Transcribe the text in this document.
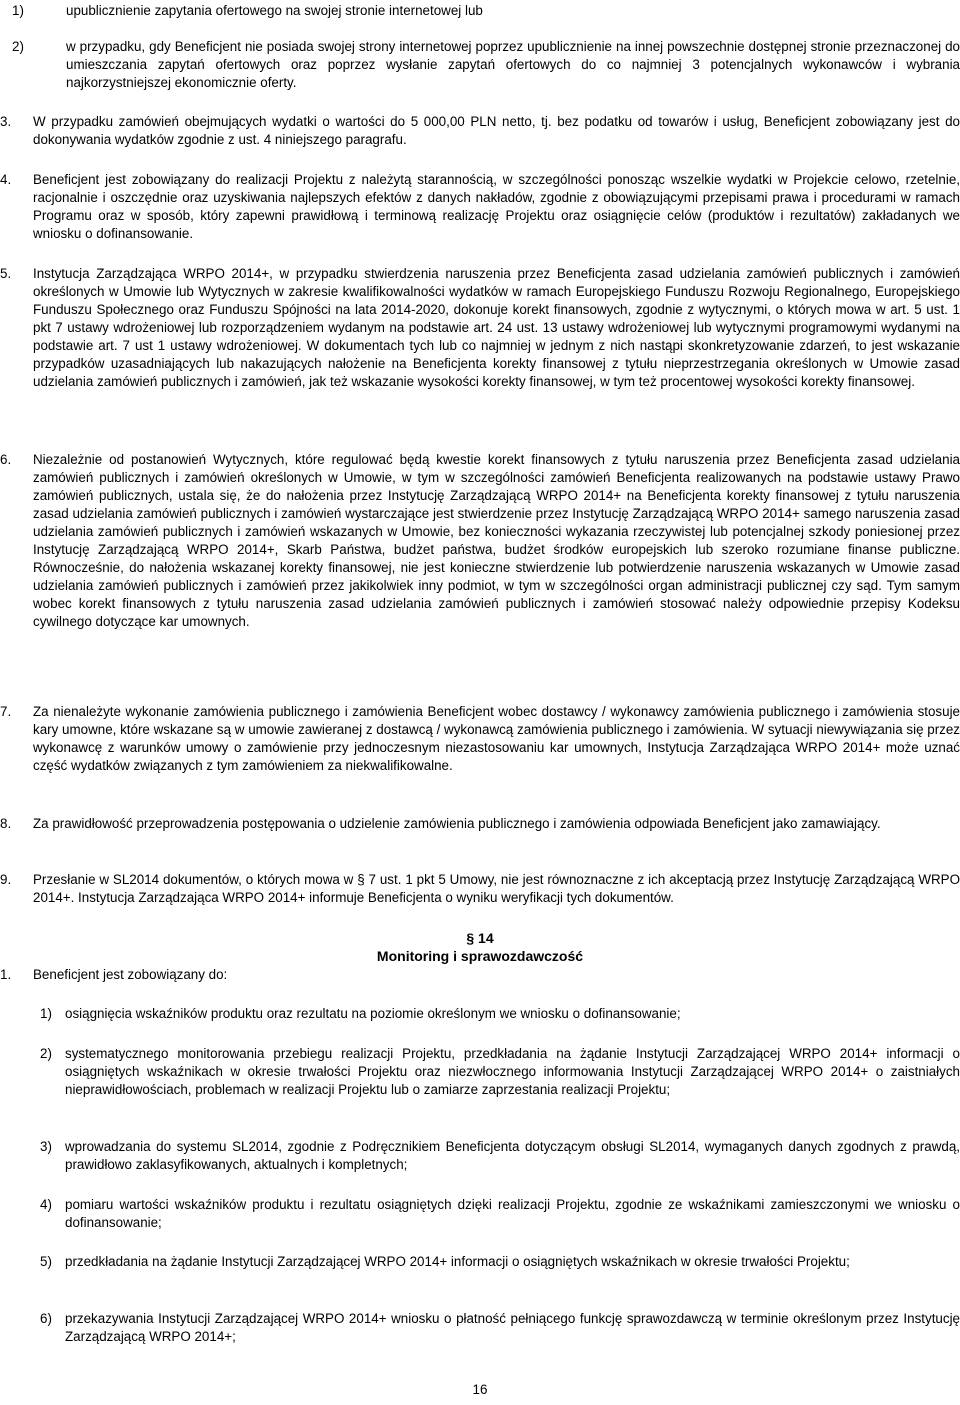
1)	upublicznienie zapytania ofertowego na swojej stronie internetowej lub
2)	w przypadku, gdy Beneficjent nie posiada swojej strony internetowej poprzez upublicznienie na innej powszechnie dostępnej stronie przeznaczonej do umieszczania zapytań ofertowych oraz poprzez wysłanie zapytań ofertowych do co najmniej 3 potencjalnych wykonawców i wybrania najkorzystniejszej ekonomicznie oferty.
3. W przypadku zamówień obejmujących wydatki o wartości do 5 000,00 PLN netto, tj. bez podatku od towarów i usług, Beneficjent zobowiązany jest do dokonywania wydatków zgodnie z ust. 4 niniejszego paragrafu.
4. Beneficjent jest zobowiązany do realizacji Projektu z należytą starannością, w szczególności ponosząc wszelkie wydatki w Projekcie celowo, rzetelnie, racjonalnie i oszczędnie oraz uzyskiwania najlepszych efektów z danych nakładów, zgodnie z obowiązującymi przepisami prawa i procedurami w ramach Programu oraz w sposób, który zapewni prawidłową i terminową realizację Projektu oraz osiągnięcie celów (produktów i rezultatów) zakładanych we wniosku o dofinansowanie.
5. Instytucja Zarządzająca WRPO 2014+, w przypadku stwierdzenia naruszenia przez Beneficjenta zasad udzielania zamówień publicznych i zamówień określonych w Umowie lub Wytycznych w zakresie kwalifikowalności wydatków w ramach Europejskiego Funduszu Rozwoju Regionalnego, Europejskiego Funduszu Społecznego oraz Funduszu Spójności na lata 2014-2020, dokonuje korekt finansowych, zgodnie z wytycznymi, o których mowa w art. 5 ust. 1 pkt 7 ustawy wdrożeniowej lub rozporządzeniem wydanym na podstawie art. 24 ust. 13 ustawy wdrożeniowej lub wytycznymi programowymi wydanymi na podstawie art. 7 ust 1 ustawy wdrożeniowej. W dokumentach tych lub co najmniej w jednym z nich nastąpi skonkretyzowanie zdarzeń, to jest wskazanie przypadków uzasadniających lub nakazujących nałożenie na Beneficjenta korekty finansowej z tytułu nieprzestrzegania określonych w Umowie zasad udzielania zamówień publicznych i zamówień, jak też wskazanie wysokości korekty finansowej, w tym też procentowej wysokości korekty finansowej.
6. Niezależnie od postanowień Wytycznych, które regulować będą kwestie korekt finansowych z tytułu naruszenia przez Beneficjenta zasad udzielania zamówień publicznych i zamówień określonych w Umowie, w tym w szczególności zamówień Beneficjenta realizowanych na podstawie ustawy Prawo zamówień publicznych, ustala się, że do nałożenia przez Instytucję Zarządzającą WRPO 2014+ na Beneficjenta korekty finansowej z tytułu naruszenia zasad udzielania zamówień publicznych i zamówień wystarczające jest stwierdzenie przez Instytucję Zarządzającą WRPO 2014+ samego naruszenia zasad udzielania zamówień publicznych i zamówień wskazanych w Umowie, bez konieczności wykazania rzeczywistej lub potencjalnej szkody poniesionej przez Instytucję Zarządzającą WRPO 2014+, Skarb Państwa, budżet państwa, budżet środków europejskich lub szeroko rozumiane finanse publiczne. Równocześnie, do nałożenia wskazanej korekty finansowej, nie jest konieczne stwierdzenie lub potwierdzenie naruszenia wskazanych w Umowie zasad udzielania zamówień publicznych i zamówień przez jakikolwiek inny podmiot, w tym w szczególności organ administracji publicznej czy sąd. Tym samym wobec korekt finansowych z tytułu naruszenia zasad udzielania zamówień publicznych i zamówień stosować należy odpowiednie przepisy Kodeksu cywilnego dotyczące kar umownych.
7. Za nienależyte wykonanie zamówienia publicznego i zamówienia Beneficjent wobec dostawcy / wykonawcy zamówienia publicznego i zamówienia stosuje kary umowne, które wskazane są w umowie zawieranej z dostawcą / wykonawcą zamówienia publicznego i zamówienia. W sytuacji niewywiązania się przez wykonawcę z warunków umowy o zamówienie przy jednoczesnym niezastosowaniu kar umownych, Instytucja Zarządzająca WRPO 2014+ może uznać część wydatków związanych z tym zamówieniem za niekwalifikowalne.
8. Za prawidłowość przeprowadzenia postępowania o udzielenie zamówienia publicznego i zamówienia odpowiada Beneficjent jako zamawiający.
9. Przesłanie w SL2014 dokumentów, o których mowa w § 7 ust. 1 pkt 5 Umowy, nie jest równoznaczne z ich akceptacją przez Instytucję Zarządzającą WRPO 2014+. Instytucja Zarządzająca WRPO 2014+ informuje Beneficjenta o wyniku weryfikacji tych dokumentów.
§ 14
Monitoring i sprawozdawczość
1. Beneficjent jest zobowiązany do:
1) osiągnięcia wskaźników produktu oraz rezultatu na poziomie określonym we wniosku o dofinansowanie;
2) systematycznego monitorowania przebiegu realizacji Projektu, przedkładania na żądanie Instytucji Zarządzającej WRPO 2014+ informacji o osiągniętych wskaźnikach w okresie trwałości Projektu oraz niezwłocznego informowania Instytucji Zarządzającej WRPO 2014+ o zaistniałych nieprawidłowościach, problemach w realizacji Projektu lub o zamiarze zaprzestania realizacji Projektu;
3) wprowadzania do systemu SL2014, zgodnie z Podręcznikiem Beneficjenta dotyczącym obsługi SL2014, wymaganych danych zgodnych z prawdą, prawidłowo zaklasyfikowanych, aktualnych i kompletnych;
4) pomiaru wartości wskaźników produktu i rezultatu osiągniętych dzięki realizacji Projektu, zgodnie ze wskaźnikami zamieszczonymi we wniosku o dofinansowanie;
5) przedkładania na żądanie Instytucji Zarządzającej WRPO 2014+ informacji o osiągniętych wskaźnikach w okresie trwałości Projektu;
6) przekazywania Instytucji Zarządzającej WRPO 2014+ wniosku o płatność pełniącego funkcję sprawozdawczą w terminie określonym przez Instytucję Zarządzającą WRPO 2014+;
16
